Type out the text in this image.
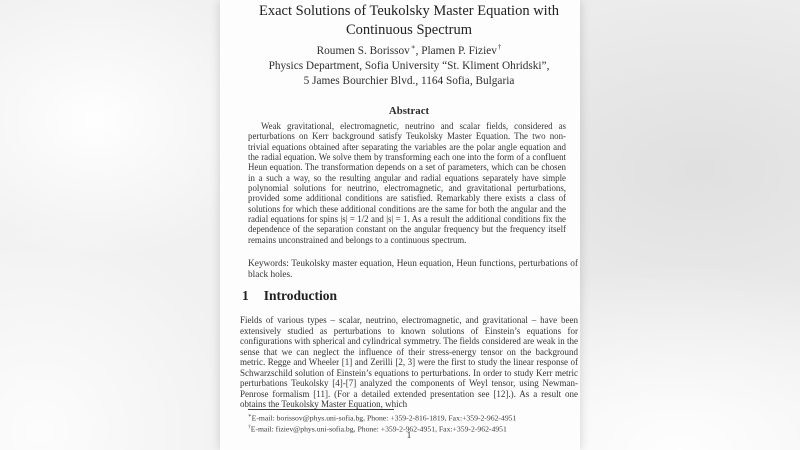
Exact Solutions of Teukolsky Master Equation with Continuous Spectrum
Roumen S. Borissov∗, Plamen P. Fiziev†
Physics Department, Sofia University “St. Kliment Ohridski”,
5 James Bourchier Blvd., 1164 Sofia, Bulgaria
Abstract
Weak gravitational, electromagnetic, neutrino and scalar fields, considered as perturbations on Kerr background satisfy Teukolsky Master Equation. The two non-trivial equations obtained after separating the variables are the polar angle equation and the radial equation. We solve them by transforming each one into the form of a confluent Heun equation. The transformation depends on a set of parameters, which can be chosen in a such a way, so the resulting angular and radial equations separately have simple polynomial solutions for neutrino, electromagnetic, and gravitational perturbations, provided some additional conditions are satisfied. Remarkably there exists a class of solutions for which these additional conditions are the same for both the angular and the radial equations for spins |s| = 1/2 and |s| = 1. As a result the additional conditions fix the dependence of the separation constant on the angular frequency but the frequency itself remains unconstrained and belongs to a continuous spectrum.
Keywords: Teukolsky master equation, Heun equation, Heun functions, perturbations of black holes.
1 Introduction
Fields of various types – scalar, neutrino, electromagnetic, and gravitational – have been extensively studied as perturbations to known solutions of Einstein’s equations for configurations with spherical and cylindrical symmetry. The fields considered are weak in the sense that we can neglect the influence of their stress-energy tensor on the background metric. Regge and Wheeler [1] and Zerilli [2, 3] were the first to study the linear response of Schwarzschild solution of Einstein’s equations to perturbations. In order to study Kerr metric perturbations Teukolsky [4]-[7] analyzed the components of Weyl tensor, using Newman-Penrose formalism [11]. (For a detailed extended presentation see [12].). As a result one obtains the Teukolsky Master Equation, which
∗E-mail: borissov@phys.uni-sofia.bg, Phone: +359-2-816-1819, Fax:+359-2-962-4951
†E-mail: fiziev@phys.uni-sofia.bg, Phone: +359-2-962-4951, Fax:+359-2-962-4951
1
